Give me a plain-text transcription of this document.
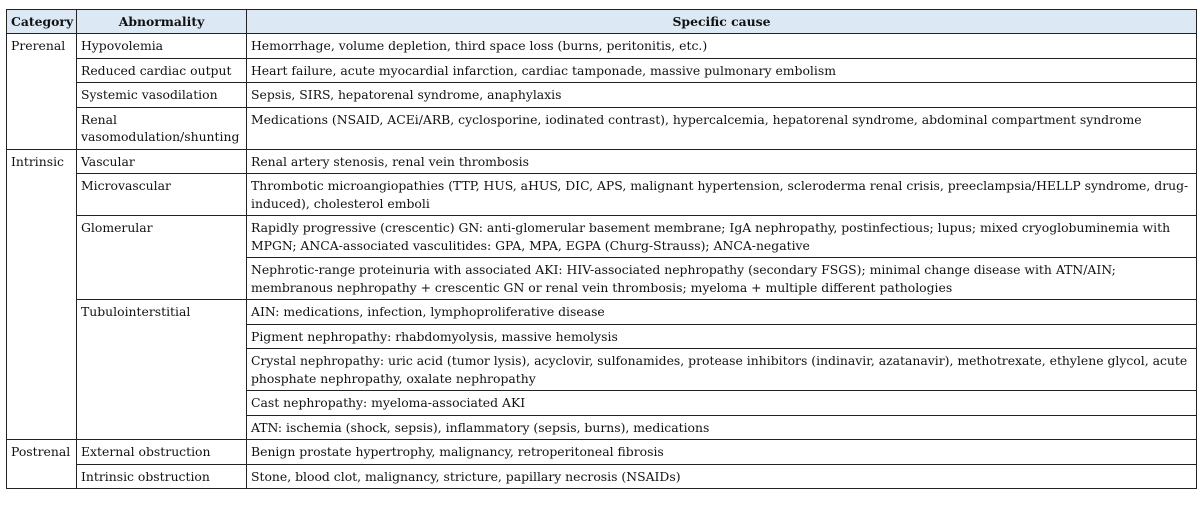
Category	Abnormality	Specific cause
Prerenal	Hypovolemia	Hemorrhage, volume depletion, third space loss (burns, peritonitis, etc.)
	Reduced cardiac output	Heart failure, acute myocardial infarction, cardiac tamponade, massive pulmonary embolism
	Systemic vasodilation	Sepsis, SIRS, hepatorenal syndrome, anaphylaxis
	Renal vasomodulation/shunting	Medications (NSAID, ACEi/ARB, cyclosporine, iodinated contrast), hypercalcemia, hepatorenal syndrome, abdominal compartment syndrome
Intrinsic	Vascular	Renal artery stenosis, renal vein thrombosis
	Microvascular	Thrombotic microangiopathies (TTP, HUS, aHUS, DIC, APS, malignant hypertension, scleroderma renal crisis, preeclampsia/HELLP syndrome, drug-induced), cholesterol emboli
	Glomerular	Rapidly progressive (crescentic) GN: anti-glomerular basement membrane; IgA nephropathy, postinfectious; lupus; mixed cryoglobuminemia with MPGN; ANCA-associated vasculitides: GPA, MPA, EGPA (Churg-Strauss); ANCA-negative
		Nephrotic-range proteinuria with associated AKI: HIV-associated nephropathy (secondary FSGS); minimal change disease with ATN/AIN; membranous nephropathy + crescentic GN or renal vein thrombosis; myeloma + multiple different pathologies
	Tubulointerstitial	AIN: medications, infection, lymphoproliferative disease
		Pigment nephropathy: rhabdomyolysis, massive hemolysis
		Crystal nephropathy: uric acid (tumor lysis), acyclovir, sulfonamides, protease inhibitors (indinavir, azatanavir), methotrexate, ethylene glycol, acute phosphate nephropathy, oxalate nephropathy
		Cast nephropathy: myeloma-associated AKI
		ATN: ischemia (shock, sepsis), inflammatory (sepsis, burns), medications
Postrenal	External obstruction	Benign prostate hypertrophy, malignancy, retroperitoneal fibrosis
	Intrinsic obstruction	Stone, blood clot, malignancy, stricture, papillary necrosis (NSAIDs)
